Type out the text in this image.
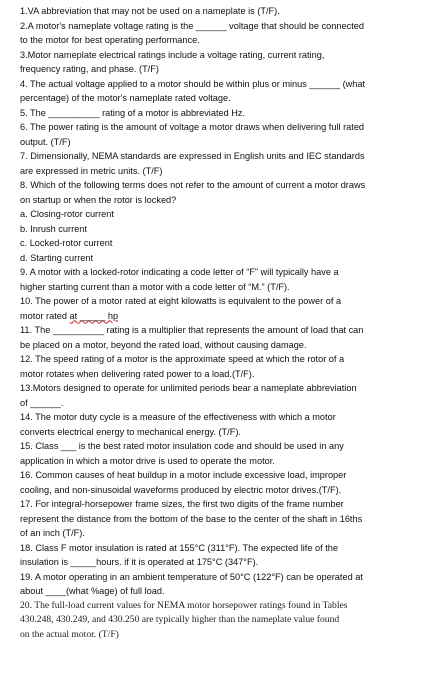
1.VA abbreviation that may not be used on a nameplate is (T/F).
2.A motor's nameplate voltage rating is the ______ voltage that should be connected
to the motor for best operating performance.
3.Motor nameplate electrical ratings include a voltage rating, current rating,
frequency rating, and phase. (T/F)
4. The actual voltage applied to a motor should be within plus or minus ______ (what
percentage) of the motor's nameplate rated voltage.
5. The __________ rating of a motor is abbreviated Hz.
6. The power rating is the amount of voltage a motor draws when delivering full rated
output. (T/F)
7. Dimensionally, NEMA standards are expressed in English units and IEC standards
are expressed in metric units. (T/F)
8. Which of the following terms does not refer to the amount of current a motor draws
on startup or when the rotor is locked?
a. Closing-rotor current
b. Inrush current
c. Locked-rotor current
d. Starting current
9. A motor with a locked-rotor indicating a code letter of “F” will typically have a
higher starting current than a motor with a code letter of “M.” (T/F).
10. The power of a motor rated at eight kilowatts is equivalent to the power of a
motor rated at _____ hp
11. The __________ rating is a multiplier that represents the amount of load that can
be placed on a motor, beyond the rated load, without causing damage.
12. The speed rating of a motor is the approximate speed at which the rotor of a
motor rotates when delivering rated power to a load.(T/F).
13.Motors designed to operate for unlimited periods bear a nameplate abbreviation
of ______.
14. The motor duty cycle is a measure of the effectiveness with which a motor
converts electrical energy to mechanical energy. (T/F).
15. Class ___ is the best rated motor insulation code and should be used in any
application in which a motor drive is used to operate the motor.
16. Common causes of heat buildup in a motor include excessive load, improper
cooling, and non-sinusoidal waveforms produced by electric motor drives.(T/F).
17. For integral-horsepower frame sizes, the first two digits of the frame number
represent the distance from the bottom of the base to the center of the shaft in 16ths
of an inch (T/F).
18. Class F motor insulation is rated at 155°C (311°F). The expected life of the
insulation is _____hours. if it is operated at 175°C (347°F).
19. A motor operating in an ambient temperature of 50°C (122°F) can be operated at
about ____(what %age) of full load.
20. The full-load current values for NEMA motor horsepower ratings found in Tables
430.248, 430.249, and 430.250 are typically higher than the nameplate value found
on the actual motor. (T/F)
